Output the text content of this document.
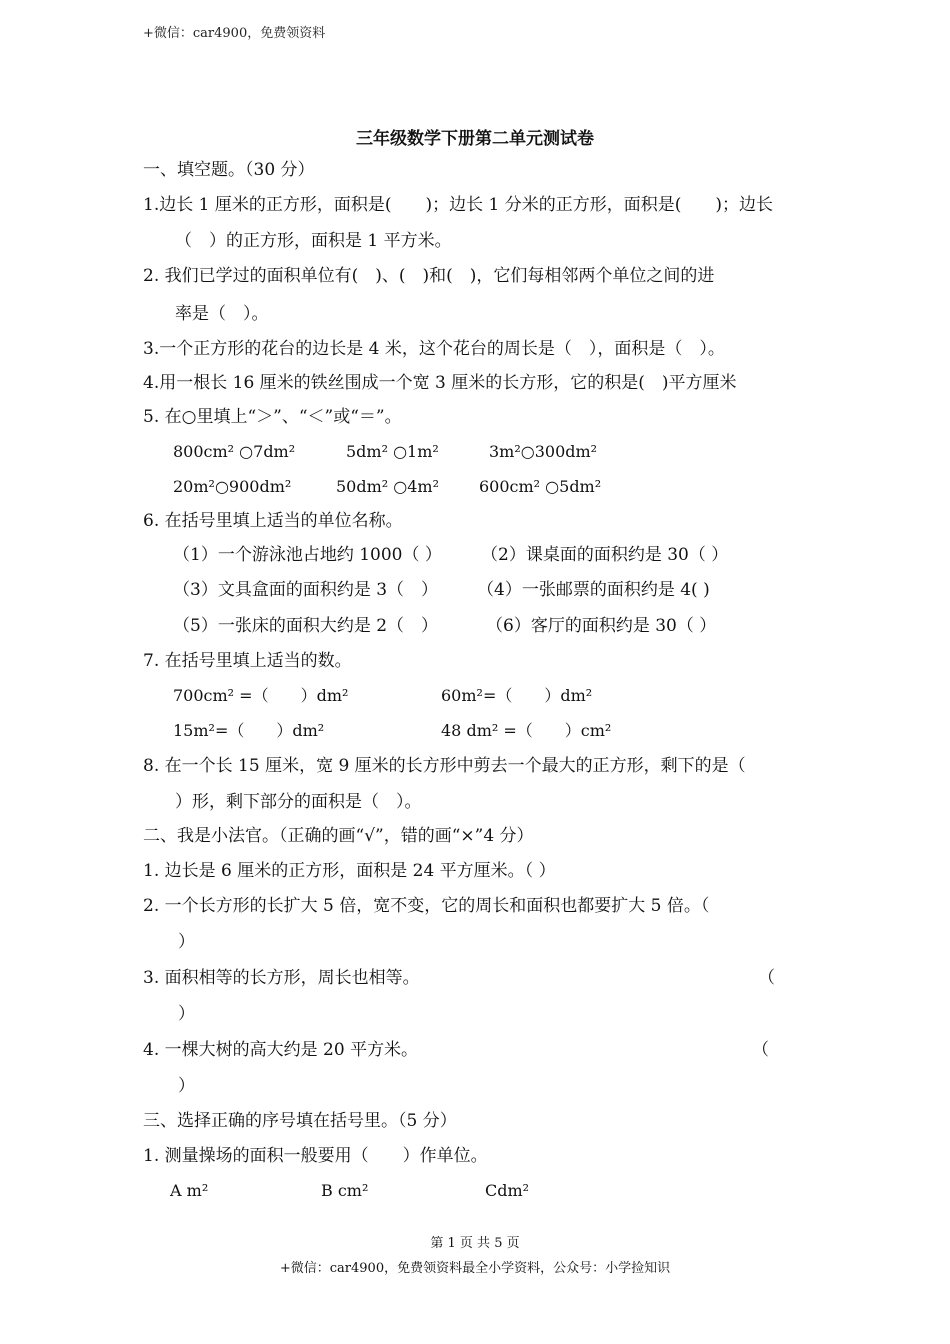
+微信：car4900，免费领资料
三年级数学下册第二单元测试卷
一、填空题。（30 分）
1.边长 1 厘米的正方形，面积是(　　)；边长 1 分米的正方形，面积是(　　)；边长
（　）的正方形，面积是 1 平方米。
2. 我们已学过的面积单位有(　)、(　)和(　)，它们每相邻两个单位之间的进
率是（　）。
3.一个正方形的花台的边长是 4 米，这个花台的周长是（　），面积是（　）。
4.用一根长 16 厘米的铁丝围成一个宽 3 厘米的长方形，它的积是(　)平方厘米
5. 在○里填上“＞”、“＜”或“＝”。
800cm² ○7dm²	5dm² ○1m²	3m²○300dm²
20m²○900dm²	50dm² ○4m²	600cm² ○5dm²
6. 在括号里填上适当的单位名称。
（1）一个游泳池占地约 1000（ ） （2）课桌面的面积约是 30（ ）
（3）文具盒面的面积约是 3（　） （4）一张邮票的面积约是 4( )
（5）一张床的面积大约是 2（　）	（6）客厅的面积约是 30（ ）
7. 在括号里填上适当的数。
700cm² =（　　）dm²	60m²=（　　）dm²
15m²=（　　）dm²	48 dm² =（　　）cm²
8. 在一个长 15 厘米，宽 9 厘米的长方形中剪去一个最大的正方形，剩下的是（
）形，剩下部分的面积是（　）。
二、我是小法官。（正确的画“√”，错的画“×”4 分）
1. 边长是 6 厘米的正方形，面积是 24 平方厘米。（ ）
2. 一个长方形的长扩大 5 倍，宽不变，它的周长和面积也都要扩大 5 倍。（
）
3. 面积相等的长方形，周长也相等。	（
）
4. 一棵大树的高大约是 20 平方米。	（
）
三、选择正确的序号填在括号里。（5 分）
1. 测量操场的面积一般要用（　　）作单位。
A m²	B cm²	Cdm²
第 1 页 共 5 页
+微信：car4900，免费领资料最全小学资料，公众号：小学捡知识
